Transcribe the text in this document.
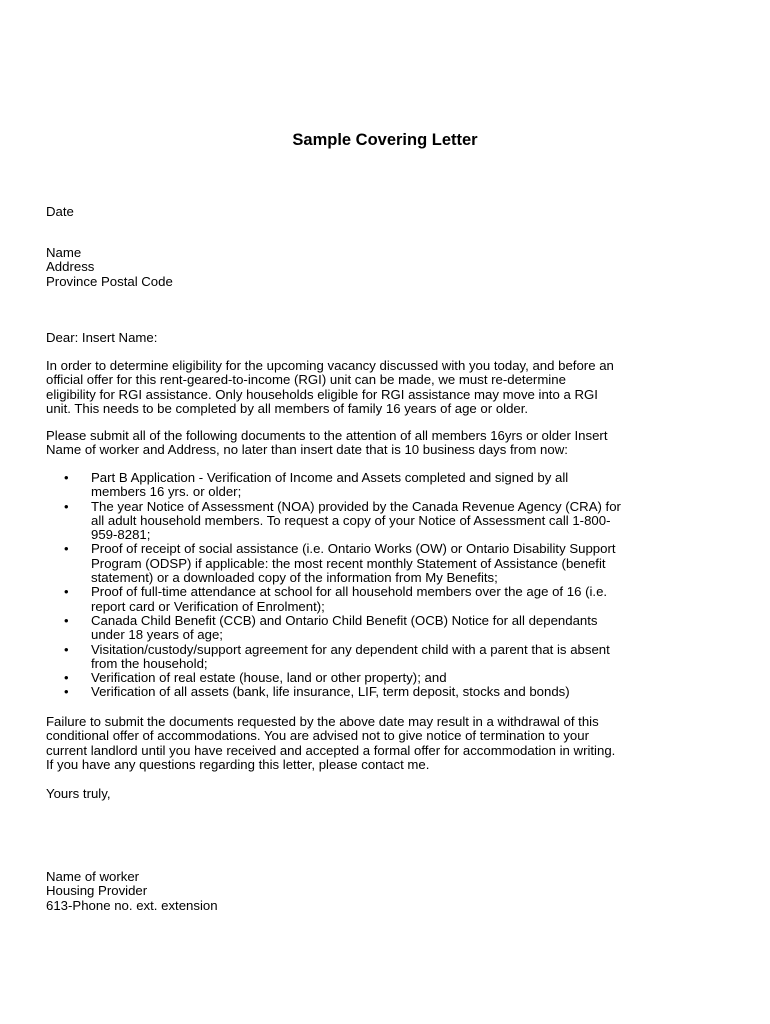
Sample Covering Letter
Date
Name
Address
Province Postal Code
Dear: Insert Name:
In order to determine eligibility for the upcoming vacancy discussed with you today, and before an
official offer for this rent-geared-to-income (RGI) unit can be made, we must re-determine
eligibility for RGI assistance. Only households eligible for RGI assistance may move into a RGI
unit. This needs to be completed by all members of family 16 years of age or older.
Please submit all of the following documents to the attention of all members 16yrs or older Insert
Name of worker and Address, no later than insert date that is 10 business days from now:
• Part B Application - Verification of Income and Assets completed and signed by all
members 16 yrs. or older;
• The year Notice of Assessment (NOA) provided by the Canada Revenue Agency (CRA) for
all adult household members. To request a copy of your Notice of Assessment call 1-800-
959-8281;
• Proof of receipt of social assistance (i.e. Ontario Works (OW) or Ontario Disability Support
Program (ODSP) if applicable: the most recent monthly Statement of Assistance (benefit
statement) or a downloaded copy of the information from My Benefits;
• Proof of full-time attendance at school for all household members over the age of 16 (i.e.
report card or Verification of Enrolment);
• Canada Child Benefit (CCB) and Ontario Child Benefit (OCB) Notice for all dependants
under 18 years of age;
• Visitation/custody/support agreement for any dependent child with a parent that is absent
from the household;
• Verification of real estate (house, land or other property); and
• Verification of all assets (bank, life insurance, LIF, term deposit, stocks and bonds)
Failure to submit the documents requested by the above date may result in a withdrawal of this
conditional offer of accommodations. You are advised not to give notice of termination to your
current landlord until you have received and accepted a formal offer for accommodation in writing.
If you have any questions regarding this letter, please contact me.
Yours truly,
Name of worker
Housing Provider
613-Phone no. ext. extension
